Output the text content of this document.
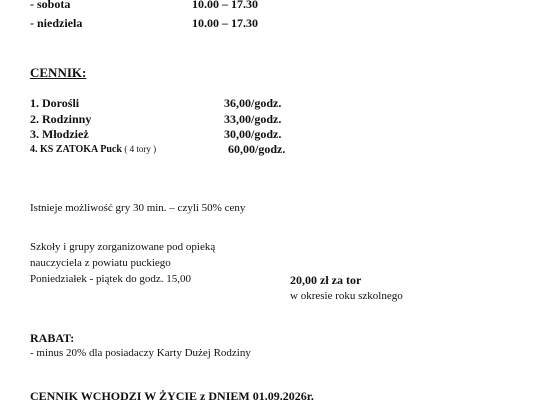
- sobota	10.00 – 17.30
- niedziela	10.00 – 17.30
CENNIK:
1. Dorośli	36,00/godz.
2. Rodzinny	33,00/godz.
3. Młodzież	30,00/godz.
4. KS ZATOKA Puck ( 4 tory )	60,00/godz.
Istnieje możliwość gry 30 min. – czyli 50% ceny
Szkoły i grupy zorganizowane pod opieką
nauczyciela z powiatu puckiego
Poniedziałek - piątek do godz. 15,00	20,00 zł za tor
w okresie roku szkolnego
RABAT:
- minus 20% dla posiadaczy Karty Dużej Rodziny
CENNIK WCHODZI W ŻYCIE z DNIEM 01.09.2026r.
